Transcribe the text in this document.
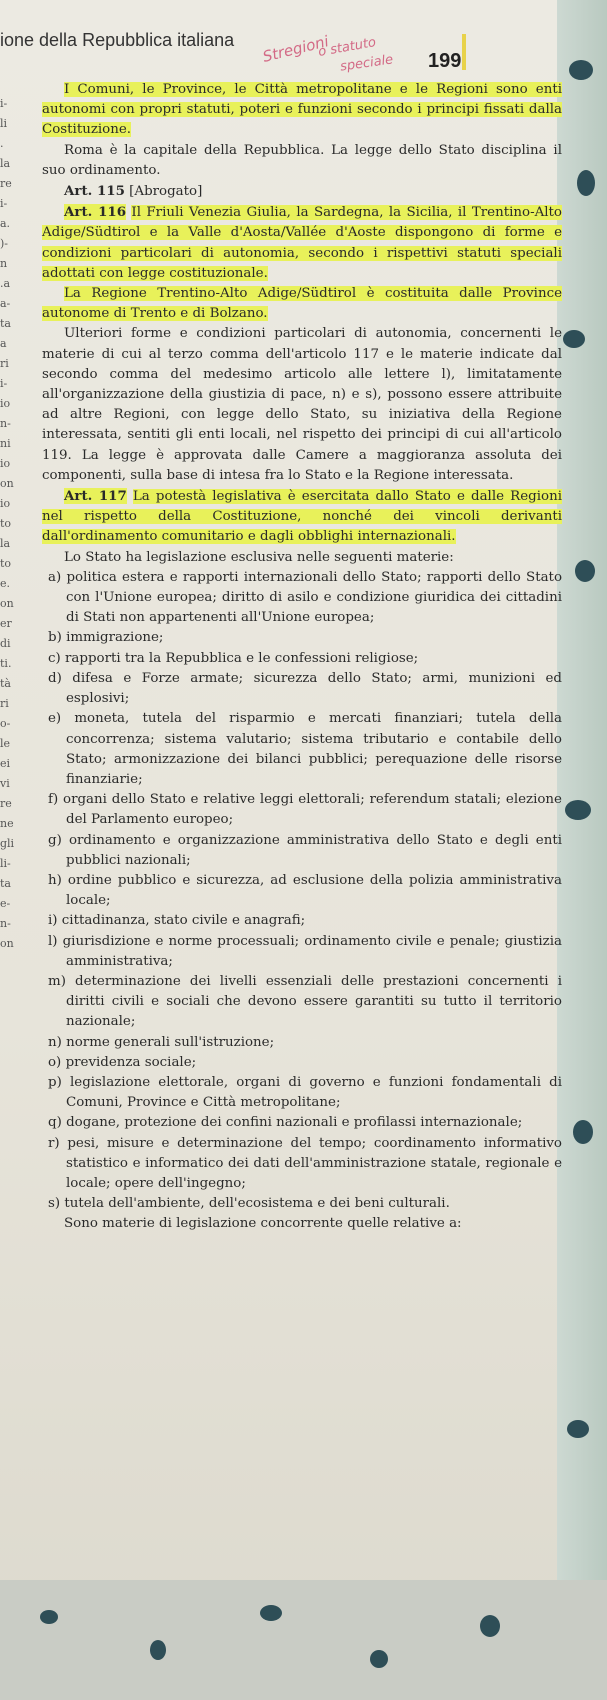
ione della Repubblica italiana Stregioni
o statuto
speciale 199
i-
li
.
la
re
i-
a.
)-
n
.a
a-
ta
a
ri
i-
io
n-
ni
io
on
io
to
la
to
e.
on
er
di
ti.
tà
ri
o-
le
ei
vi
re
ne
gli
li-
ta
e-
n-
on

I Comuni, le Province, le Città metropolitane e le Regioni sono enti autonomi con propri statuti, poteri e funzioni secondo i principi fissati dalla Costituzione.

Roma è la capitale della Repubblica. La legge dello Stato disciplina il suo ordinamento.

Art. 115 [Abrogato]

Art. 116 Il Friuli Venezia Giulia, la Sardegna, la Sicilia, il Trentino-Alto Adige/Südtirol e la Valle d'Aosta/Vallée d'Aoste dispongono di forme e condizioni particolari di autonomia, secondo i rispettivi statuti speciali adottati con legge costituzionale.

La Regione Trentino-Alto Adige/Südtirol è costituita dalle Province autonome di Trento e di Bolzano.

Ulteriori forme e condizioni particolari di autonomia, concernenti le materie di cui al terzo comma dell'articolo 117 e le materie indicate dal secondo comma del medesimo articolo alle lettere l), limitatamente all'organizzazione della giustizia di pace, n) e s), possono essere attribuite ad altre Regioni, con legge dello Stato, su iniziativa della Regione interessata, sentiti gli enti locali, nel rispetto dei principi di cui all'articolo 119. La legge è approvata dalle Camere a maggioranza assoluta dei componenti, sulla base di intesa fra lo Stato e la Regione interessata.

Art. 117 La potestà legislativa è esercitata dallo Stato e dalle Regioni nel rispetto della Costituzione, nonché dei vincoli derivanti dall'ordinamento comunitario e dagli obblighi internazionali.

Lo Stato ha legislazione esclusiva nelle seguenti materie:

a) politica estera e rapporti internazionali dello Stato; rapporti dello Stato con l'Unione europea; diritto di asilo e condizione giuridica dei cittadini di Stati non appartenenti all'Unione europea;

b) immigrazione;

c) rapporti tra la Repubblica e le confessioni religiose;

d) difesa e Forze armate; sicurezza dello Stato; armi, munizioni ed esplosivi;

e) moneta, tutela del risparmio e mercati finanziari; tutela della concorrenza; sistema valutario; sistema tributario e contabile dello Stato; armonizzazione dei bilanci pubblici; perequazione delle risorse finanziarie;

f) organi dello Stato e relative leggi elettorali; referendum statali; elezione del Parlamento europeo;

g) ordinamento e organizzazione amministrativa dello Stato e degli enti pubblici nazionali;

h) ordine pubblico e sicurezza, ad esclusione della polizia amministrativa locale;

i) cittadinanza, stato civile e anagrafi;

l) giurisdizione e norme processuali; ordinamento civile e penale; giustizia amministrativa;

m) determinazione dei livelli essenziali delle prestazioni concernenti i diritti civili e sociali che devono essere garantiti su tutto il territorio nazionale;

n) norme generali sull'istruzione;

o) previdenza sociale;

p) legislazione elettorale, organi di governo e funzioni fondamentali di Comuni, Province e Città metropolitane;

q) dogane, protezione dei confini nazionali e profilassi internazionale;

r) pesi, misure e determinazione del tempo; coordinamento informativo statistico e informatico dei dati dell'amministrazione statale, regionale e locale; opere dell'ingegno;

s) tutela dell'ambiente, dell'ecosistema e dei beni culturali.

Sono materie di legislazione concorrente quelle relative a:
